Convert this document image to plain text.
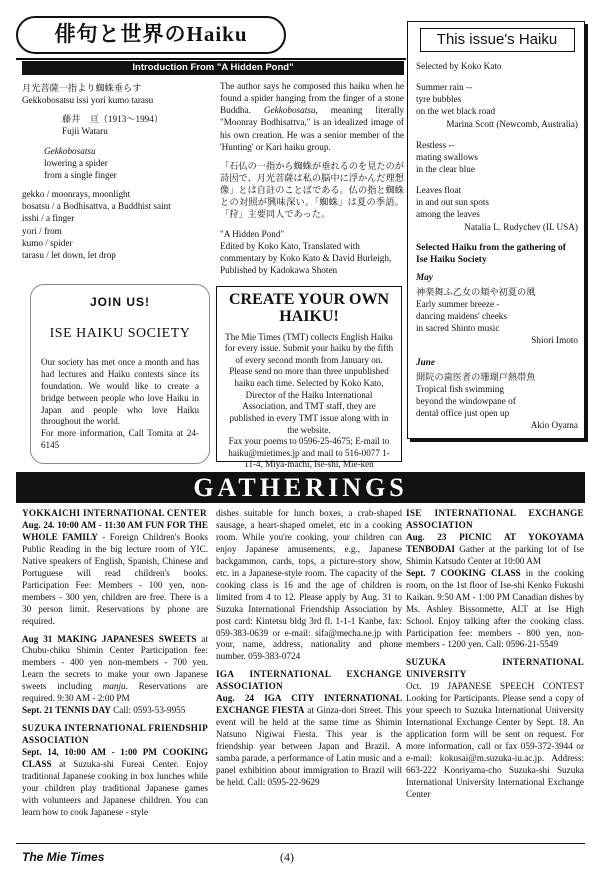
俳句と世界のHaiku
Introduction From "A Hidden Pond"
月光菩薩一指より蜘蛛垂らす
Gekkobosatsu issi yori kumo tarasu
藤井　亘（1913〜1994）
Fujii Wataru
Gekkobosatsu
lowering a spider
from a single finger
gekko / moonrays, moonlight
bosatsu / a Bodhisattva, a Buddhist saint
isshi / a finger
yori / from
kumo / spider
tarasu / let down, let drop

The author says he composed this haiku when he found a spider hanging from the finger of a stone Buddha. Gekkobosatsu, meaning literally "Moonray Bodhisattva," is an idealized image of his own creation. He was a senior member of the 'Hunting' or Kari haiku group.

「石仏の一指から蜘蛛が垂れるのを見たのが詩因で、月光菩薩は私の脳中に浮かんだ理想像」とは自註のことばである。仏の指と蜘蛛との対照が興味深い。「蜘蛛」は夏の季語。「狩」主要同人であった。

"A Hidden Pond"
Edited by Koko Kato, Translated with commentary by Koko Kato & David Burleigh, Published by Kadokawa Shoten
This issue's Haiku
Selected by Koko Kato
Summer rain --
tyre bubbles
on the wet black road
Marina Scott (Newcomb, Australia)
Restless --
mating swallows
in the clear blue
Leaves float
in and out sun spots
among the leaves
Natalia L. Rudychev (IL USA)
Selected Haiku from the gathering of Ise Haiku Society
May
神楽舞ふ乙女の頬や初夏の風
Early summer breeze -
dancing maidens' cheeks
in sacred Shinto music
Shiori Imoto
June
開院の歯医者の珊瑚戸熱帯魚
Tropical fish swimming
beyond the windowpane of
dental office just open up
Akio Oyama
JOIN US!
ISE HAIKU SOCIETY
Our society has met once a month and has had lectures and Haiku contests since its foundation. We would like to create a bridge between people who love Haiku in Japan and people who love Haiku throughout the world.
For more information, Call Tomita at 24-6145
CREATE YOUR OWN HAIKU!
The Mie Times (TMT) collects English Haiku for every issue. Submit your haiku by the fifth of every second month from January on. Please send no more than three unpublished haiku each time. Selected by Koko Kato, Director of the Haiku International Association, and TMT staff, they are published in every TMT issue along with in the website.
Fax your poems to 0596-25-4675; E-mail to haiku@mietimes.jp and mail to 516-0077 1-11-4, Miya-machi, Ise-shi, Mie-ken
GATHERINGS
YOKKAICHI INTERNATIONAL CENTER
Aug. 24. 10:00 AM - 11:30 AM FUN FOR THE WHOLE FAMILY - Foreign Children's Books Public Reading in the big lecture room of YIC. Native speakers of English, Spanish, Chinese and Portuguese will read children's books. Participation Fee: Members - 100 yen, non-members - 300 yen, children are free. There is a 30 person limit. Reservations by phone are required.
Aug 31 MAKING JAPANESES SWEETS at Chubu-chiku Shimin Center Participation fee: members - 400 yen non-members - 700 yen. Learn the secrets to make your own Japanese sweets including manju. Reservations are required. 9:30 AM - 2:00 PM
Sept. 21 TENNIS DAY Call: 0593-53-9955
SUZUKA INTERNATIONAL FRIENDSHIP ASSOCIATION
Sept. 14, 10:00 AM - 1:00 PM COOKING CLASS at Suzuka-shi Fureai Center. Enjoy traditional Japanese cooking in box lunches while your children play traditional Japanese games with volunteers and Japanese children. You can learn how to cook Japanese - style
dishes suitable for lunch boxes, a crab-shaped sausage, a heart-shaped omelet, etc in a cooking room. While you're cooking, your children can enjoy Japanese amusements, e.g., Japanese backgammon, cards, tops, a picture-story show, etc. in a Japanese-style room. The capacity of the cooking class is 16 and the age of children is limited from 4 to 12. Please apply by Aug. 31 to Suzuka International Friendship Association by post card: Kintetsu bldg 3rd fl. 1-1-1 Kanbe, fax: 059-383-0639 or e-mail: sifa@mecha.ne.jp with your, name, address, nationality and phone number. 059-383-0724
IGA INTERNATIONAL EXCHANGE ASSOCIATION
Aug. 24 IGA CITY INTERNATIONAL EXCHANGE FIESTA at Ginza-dori Street. This event will be held at the same time as Shimin Natsuno Nigiwai Fiesta. This year is the friendship year between Japan and Brazil. A samba parade, a performance of Latin music and a panel exhibition about immigration to Brazil will be held. Call: 0595-22-9629
ISE INTERNATIONAL EXCHANGE ASSOCIATION
Aug. 23 PICNIC AT YOKOYAMA TENBODAI Gather at the parking lot of Ise Shimin Katsudo Center at 10:00 AM
Sept. 7 COOKING CLASS in the cooking room, on the 1st floor of Ise-shi Kenko Fukushi Kaikan. 9:50 AM - 1:00 PM Canadian dishes by Ms. Ashley Bissonnette, ALT at Ise High School. Enjoy talking after the cooking class. Participation fee: members - 800 yen, non-members - 1200 yen. Call: 0596-21-5549
SUZUKA INTERNATIONAL UNIVERSITY
Oct. 19 JAPANESE SPEECH CONTEST Looking for Participants. Please send a copy of your speech to Suzuka International University International Exchange Center by Sept. 18. An application form will be sent on request. For more information, call or fax 059-372-3944 or e-mail: kokusai@m.suzuka-iu.ac.jp. Address: 663-222 Kooriyama-cho Suzuka-shi Suzuka International University International Exchange Center
The Mie Times	(4)
